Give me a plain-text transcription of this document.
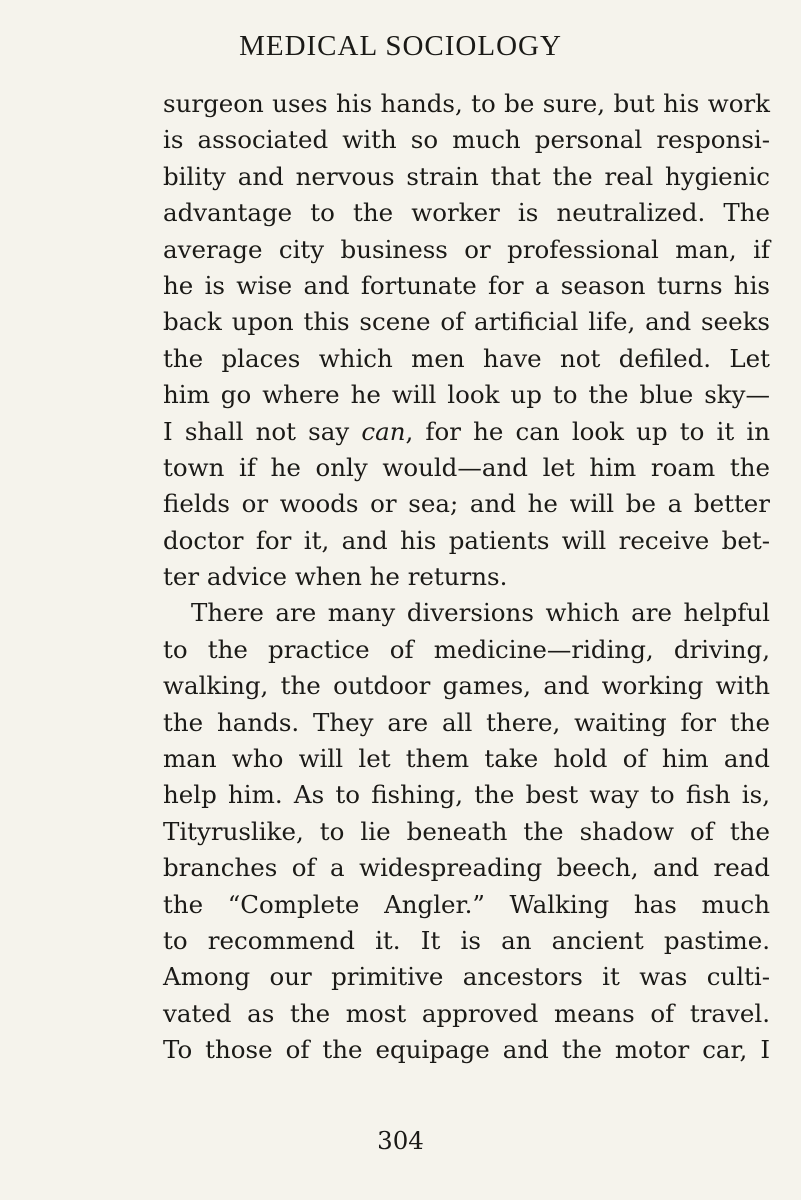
MEDICAL SOCIOLOGY
surgeon uses his hands, to be sure, but his work
is associated with so much personal responsi-
bility and nervous strain that the real hygienic
advantage to the worker is neutralized. The
average city business or professional man, if
he is wise and fortunate for a season turns his
back upon this scene of artificial life, and seeks
the places which men have not defiled. Let
him go where he will look up to the blue sky—
I shall not say can, for he can look up to it in
town if he only would—and let him roam the
fields or woods or sea; and he will be a better
doctor for it, and his patients will receive bet-
ter advice when he returns.
There are many diversions which are helpful
to the practice of medicine—riding, driving,
walking, the outdoor games, and working with
the hands. They are all there, waiting for the
man who will let them take hold of him and
help him. As to fishing, the best way to fish is,
Tityruslike, to lie beneath the shadow of the
branches of a widespreading beech, and read
the “Complete Angler.” Walking has much
to recommend it. It is an ancient pastime.
Among our primitive ancestors it was culti-
vated as the most approved means of travel.
To those of the equipage and the motor car, I
304
